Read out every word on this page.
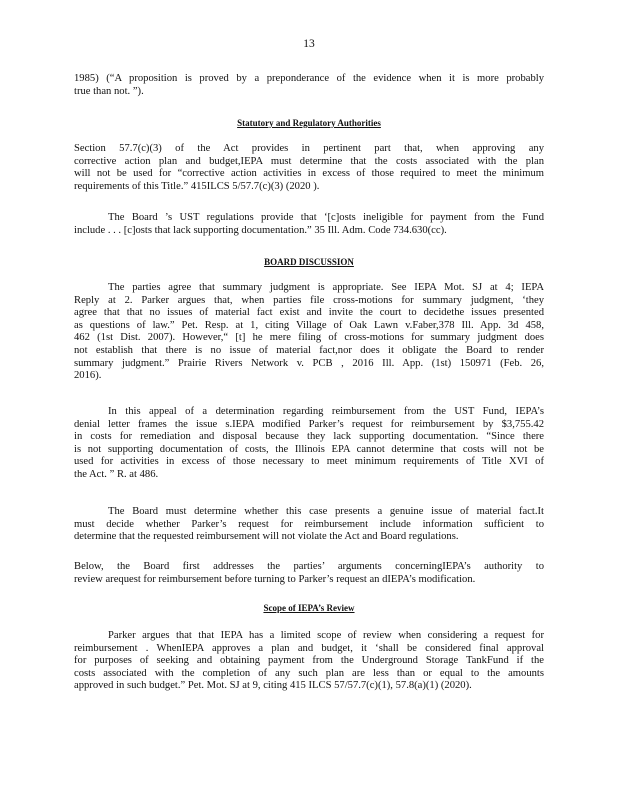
13
1985) (“A proposition is proved by a preponderance of the evidence when it is more probably
true than not. ”).
Statutory and Regulatory Authorities
Section 57.7(c)(3) of the Act provides in pertinent part that, when approving any
corrective action plan and budget,IEPA must determine that the costs associated with the plan
will not be used for “corrective action activities in excess of those required to meet the minimum
requirements of this Title.” 415ILCS 5/57.7(c)(3) (2020 ).
The Board ’s UST regulations provide that ‘[c]osts ineligible for payment from the Fund
include . . . [c]osts that lack supporting documentation.” 35 Ill. Adm. Code 734.630(cc).
BOARD DISCUSSION
The parties agree that summary judgment is appropriate. See IEPA Mot. SJ at 4; IEPA
Reply at 2. Parker argues that, when parties file cross-motions for summary judgment, ‘they
agree that that no issues of material fact exist and invite the court to decidethe issues presented
as questions of law.” Pet. Resp. at 1, citing Village of Oak Lawn v.Faber,378 Ill. App. 3d 458,
462 (1st Dist. 2007). However,“ [t] he mere filing of cross-motions for summary judgment does
not establish that there is no issue of material fact,nor does it obligate the Board to render
summary judgment.” Prairie Rivers Network v. PCB , 2016 Ill. App. (1st) 150971 (Feb. 26,
2016).
In this appeal of a determination regarding reimbursement from the UST Fund, IEPA’s
denial letter frames the issue s.IEPA modified Parker’s request for reimbursement by $3,755.42
in costs for remediation and disposal because they lack supporting documentation. “Since there
is not supporting documentation of costs, the Illinois EPA cannot determine that costs will not be
used for activities in excess of those necessary to meet minimum requirements of Title XVI of
the Act. ” R. at 486.
The Board must determine whether this case presents a genuine issue of material fact.It
must decide whether Parker’s request for reimbursement include information sufficient to
determine that the requested reimbursement will not violate the Act and Board regulations.
Below, the Board first addresses the parties’ arguments concerningIEPA’s authority to
review arequest for reimbursement before turning to Parker’s request an dIEPA’s modification.
Scope of IEPA’s Review
Parker argues that that IEPA has a limited scope of review when considering a request for
reimbursement . WhenIEPA approves a plan and budget, it ‘shall be considered final approval
for purposes of seeking and obtaining payment from the Underground Storage TankFund if the
costs associated with the completion of any such plan are less than or equal to the amounts
approved in such budget.” Pet. Mot. SJ at 9, citing 415 ILCS 57/57.7(c)(1), 57.8(a)(1) (2020).
